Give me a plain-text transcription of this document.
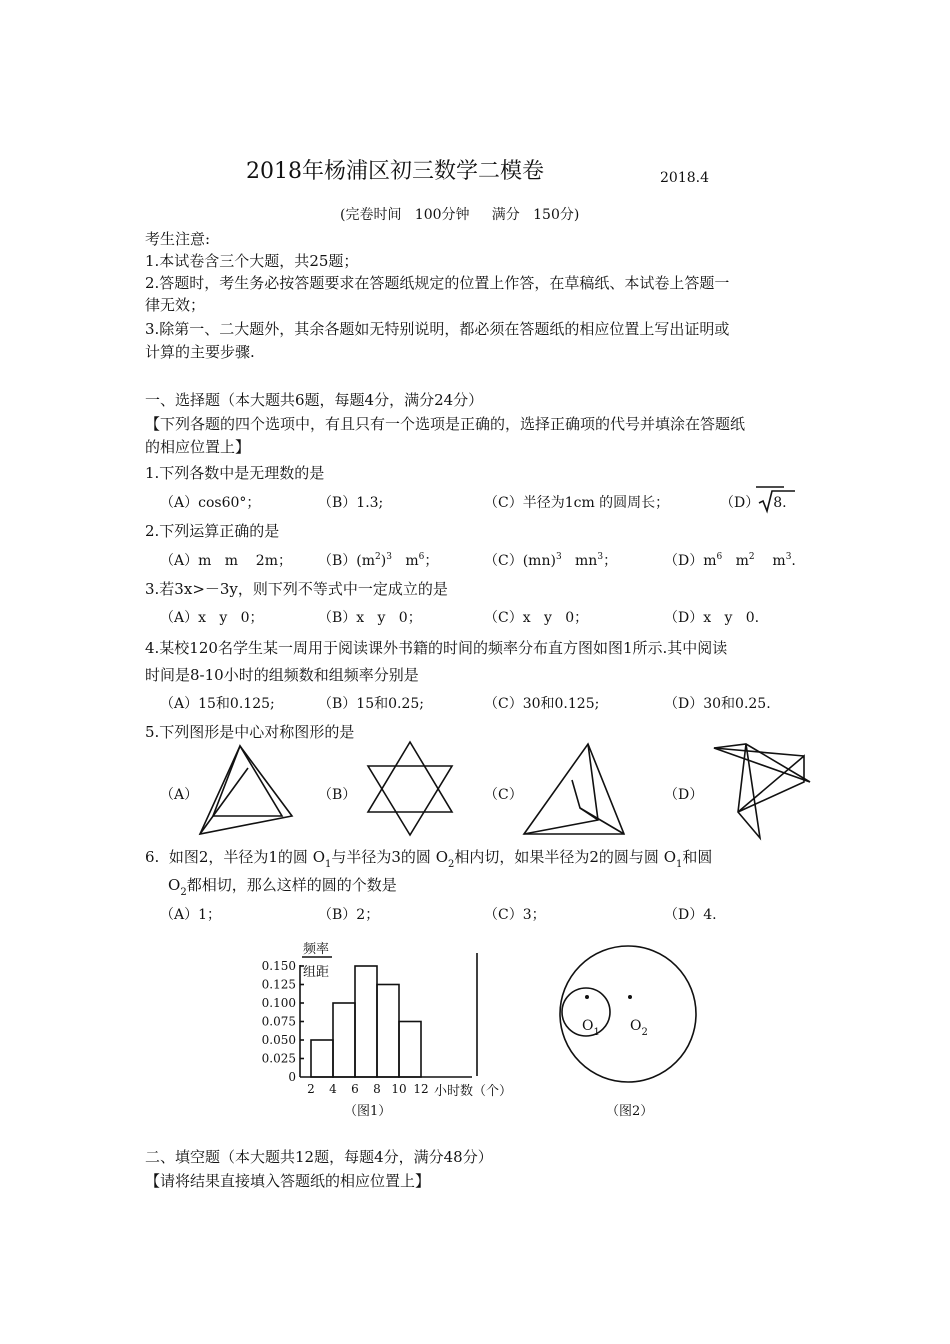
2018年杨浦区初三数学二模卷	2018.4
(完卷时间   100分钟     满分   150分)
考生注意:
1.本试卷含三个大题，共25题；
2.答题时，考生务必按答题要求在答题纸规定的位置上作答，在草稿纸、本试卷上答题一
律无效；
3.除第一、二大题外，其余各题如无特别说明，都必须在答题纸的相应位置上写出证明或
计算的主要步骤.
一、选择题（本大题共6题，每题4分，满分24分）
【下列各题的四个选项中，有且只有一个选项是正确的，选择正确项的代号并填涂在答题纸
的相应位置上】
1.下列各数中是无理数的是
（A）cos60°；	（B）1.3;	（C）半径为1cm 的圆周长；	（D） 8.
2.下列运算正确的是
（A）m   m    2m； $(B)(m^2)^3$   $m^6$；	（C）(mn)$^3$   $mn^3$；	$(D)m^6$   $m^2$    $m^3$.
3.若3x>－3y，则下列不等式中一定成立的是
（A）x   y   0；	（B）x   y   0；	（C）x   y   0；	（D）x   y   0.
4.某校120名学生某一周用于阅读课外书籍的时间的频率分布直方图如图1所示.其中阅读
时间是8-10小时的组频数和组频率分别是
（A）15和0.125;	（B）15和0.25;	（C）30和0.125;	（D）30和0.25.
5.下列图形是中心对称图形的是
（A）	（B）	（C）	（D）
6.  如图2，半径为1的圆 $O_1$与半径为3的圆 $O_2$相内切，如果半径为2的圆与圆 $O_1$和圆
$O_2$都相切，那么这样的圆的个数是
（A）1；	（B）2；	（C）3；	（D）4.
0
0.025
0.050
0.075
0.100
0.125
0.150
2 4 6 8 10 12
频率
组距
小时数（个）
（图1）
$O_1$ $O_2$
（图2）
二、填空题（本大题共12题，每题4分，满分48分）
【请将结果直接填入答题纸的相应位置上】
